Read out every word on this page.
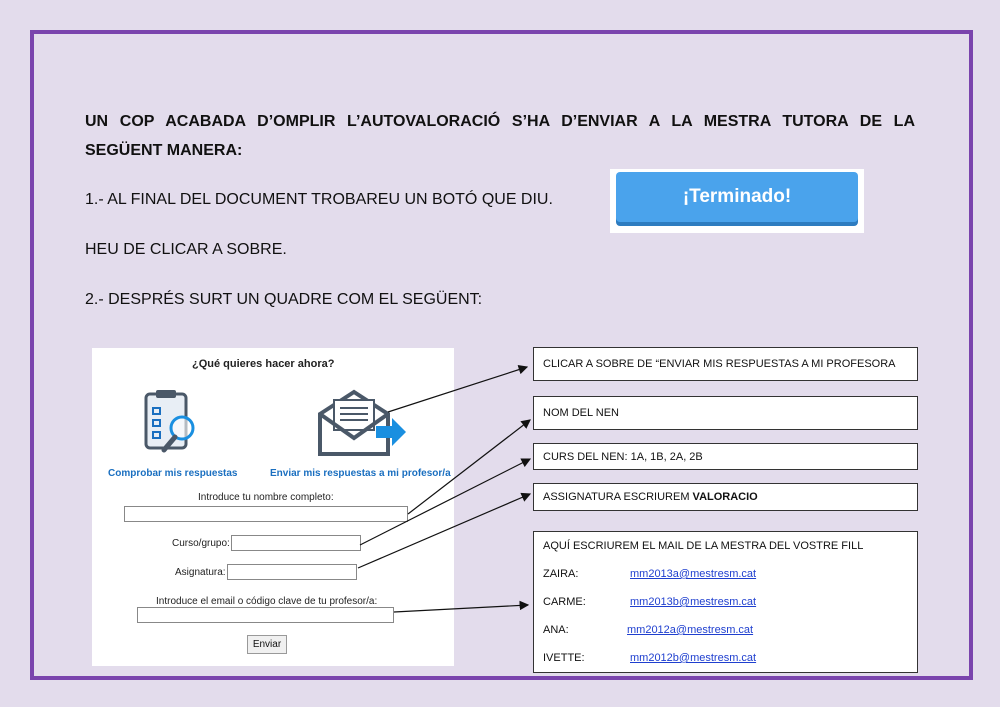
UN COP ACABADA D’OMPLIR L’AUTOVALORACIÓ S’HA D’ENVIAR A LA MESTRA TUTORA DE LA
SEGÜENT MANERA:
1.- AL FINAL DEL DOCUMENT TROBAREU UN BOTÓ QUE DIU.	¡Terminado!
HEU DE CLICAR A SOBRE.
2.- DESPRÉS SURT UN QUADRE COM EL SEGÜENT:
¿Qué quieres hacer ahora?
Comprobar mis respuestas	Enviar mis respuestas a mi profesor/a
Introduce tu nombre completo:
Curso/grupo:
Asignatura:
Introduce el email o código clave de tu profesor/a:
Enviar
CLICAR A SOBRE DE “ENVIAR MIS RESPUESTAS A MI PROFESORA
NOM DEL NEN
CURS DEL NEN: 1A, 1B, 2A, 2B
ASSIGNATURA ESCRIUREM VALORACIO
AQUÍ ESCRIUREM EL MAIL DE LA MESTRA DEL VOSTRE FILL
ZAIRA:	mm2013a@mestresm.cat
CARME:	mm2013b@mestresm.cat
ANA:	mm2012a@mestresm.cat
IVETTE:	mm2012b@mestresm.cat
